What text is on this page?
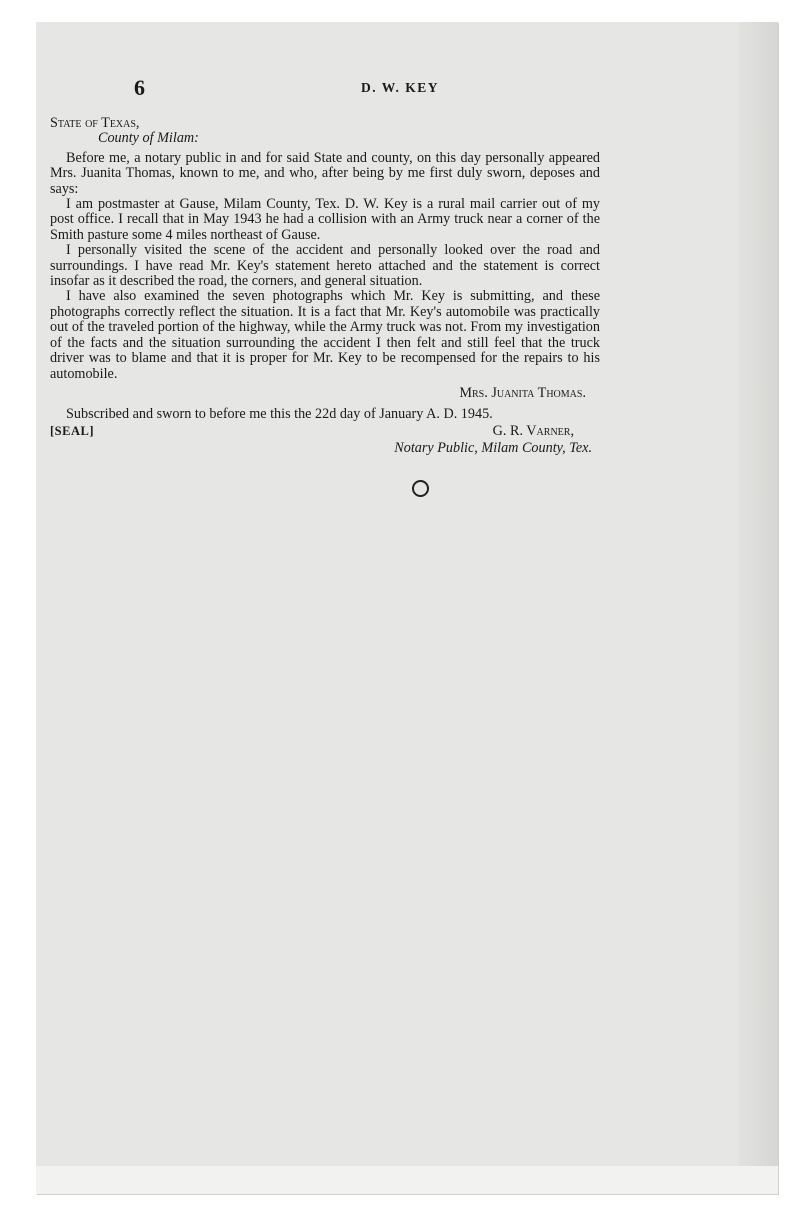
6	D. W. KEY
State of Texas,
County of Milam:

Before me, a notary public in and for said State and county, on this day personally appeared Mrs. Juanita Thomas, known to me, and who, after being by me first duly sworn, deposes and says:

I am postmaster at Gause, Milam County, Tex. D. W. Key is a rural mail carrier out of my post office. I recall that in May 1943 he had a collision with an Army truck near a corner of the Smith pasture some 4 miles northeast of Gause.

I personally visited the scene of the accident and personally looked over the road and surroundings. I have read Mr. Key's statement hereto attached and the statement is correct insofar as it described the road, the corners, and general situation.

I have also examined the seven photographs which Mr. Key is submitting, and these photographs correctly reflect the situation. It is a fact that Mr. Key's automobile was practically out of the traveled portion of the highway, while the Army truck was not. From my investigation of the facts and the situation surrounding the accident I then felt and still feel that the truck driver was to blame and that it is proper for Mr. Key to be recompensed for the repairs to his automobile.

Mrs. Juanita Thomas.
Subscribed and sworn to before me this the 22d day of January A. D. 1945.
[SEAL]	G. R. Varner,
Notary Public, Milam County, Tex.
